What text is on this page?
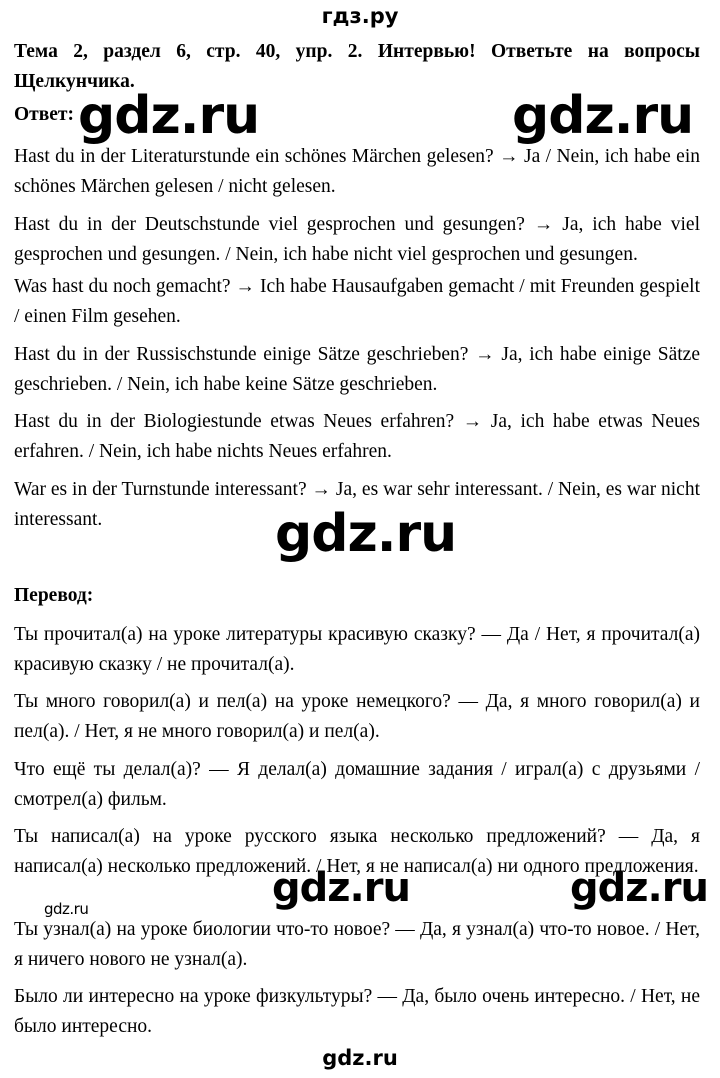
гдз.ру
Тема 2, раздел 6, стр. 40, упр. 2. Интервью! Ответьте на вопросы Щелкунчика.
Ответ: gdz.ru	gdz.ru
Hast du in der Literaturstunde ein schönes Märchen gelesen? → Ja / Nein, ich habe ein schönes Märchen gelesen / nicht gelesen.
Hast du in der Deutschstunde viel gesprochen und gesungen? → Ja, ich habe viel gesprochen und gesungen. / Nein, ich habe nicht viel gesprochen und gesungen.
Was hast du noch gemacht? → Ich habe Hausaufgaben gemacht / mit Freunden gespielt / einen Film gesehen.
Hast du in der Russischstunde einige Sätze geschrieben? → Ja, ich habe einige Sätze geschrieben. / Nein, ich habe keine Sätze geschrieben.
Hast du in der Biologiestunde etwas Neues erfahren? → Ja, ich habe etwas Neues erfahren. / Nein, ich habe nichts Neues erfahren.
War es in der Turnstunde interessant? → Ja, es war sehr interessant. / Nein, es war nicht interessant.	gdz.ru
Перевод:
Ты прочитал(а) на уроке литературы красивую сказку? — Да / Нет, я прочитал(а) красивую сказку / не прочитал(а).
Ты много говорил(а) и пел(а) на уроке немецкого? — Да, я много говорил(а) и пел(а). / Нет, я не много говорил(а) и пел(а).
Что ещё ты делал(а)? — Я делал(а) домашние задания / играл(а) с друзьями / смотрел(а) фильм.
Ты написал(а) на уроке русского языка несколько предложений? — Да, я написал(а) несколько предложений. / Нет, я не написал(а) ни одного предложения.
gdz.ru	gdz.ru
gdz.ru
Ты узнал(а) на уроке биологии что-то новое? — Да, я узнал(а) что-то новое. / Нет, я ничего нового не узнал(а).
Было ли интересно на уроке физкультуры? — Да, было очень интересно. / Нет, не было интересно.
gdz.ru
